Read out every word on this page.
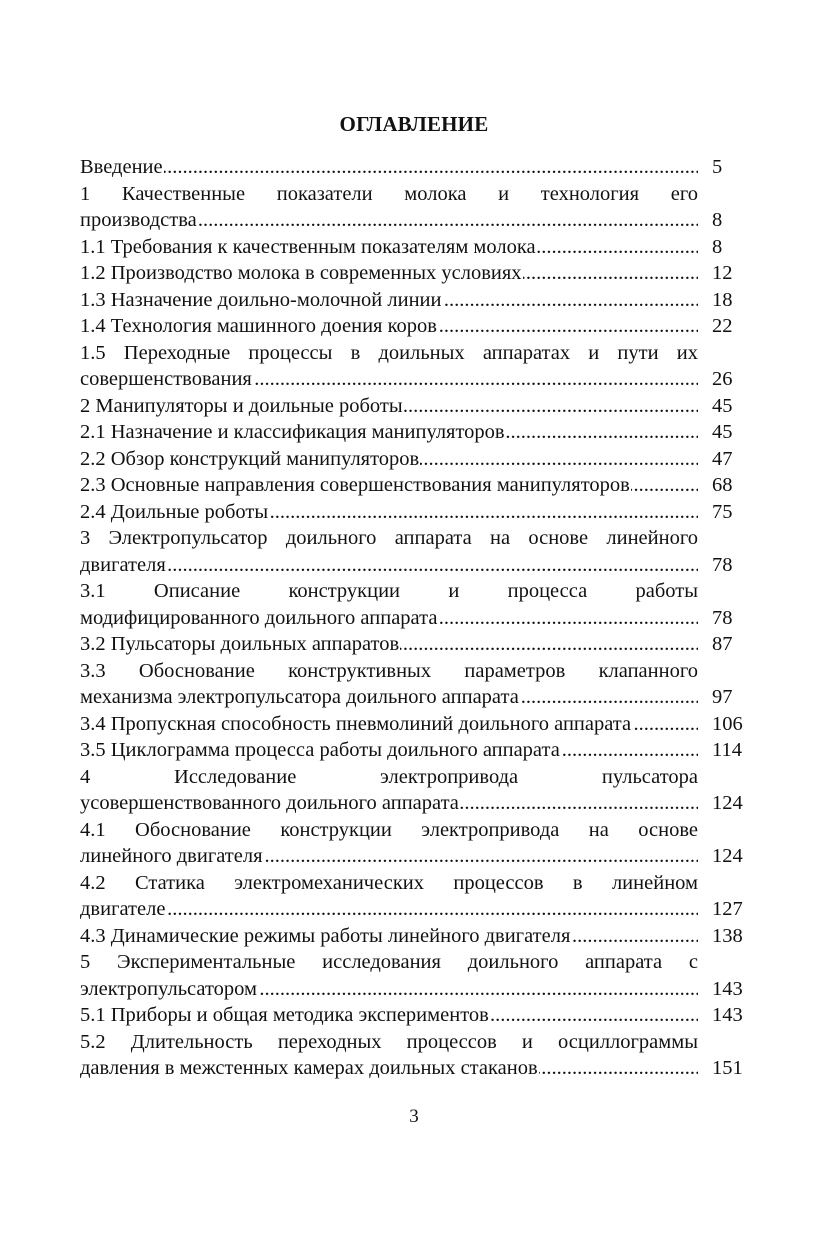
ОГЛАВЛЕНИЕ
Введение .....	5
1 Качественные показатели молока и технология его
производства .....	8
1.1 Требования к качественным показателям молока .....	8
1.2 Производство молока в современных условиях .....	12
1.3 Назначение доильно-молочной линии .....	18
1.4 Технология машинного доения коров .....	22
1.5 Переходные процессы в доильных аппаратах и пути их
совершенствования .....	26
2 Манипуляторы и доильные роботы .....	45
2.1 Назначение и классификация манипуляторов .....	45
2.2 Обзор конструкций манипуляторов .....	47
2.3 Основные направления совершенствования манипуляторов .....	68
2.4 Доильные роботы .....	75
3 Электропульсатор доильного аппарата на основе линейного
двигателя .....	78
3.1 Описание конструкции и процесса работы
модифицированного доильного аппарата .....	78
3.2 Пульсаторы доильных аппаратов .....	87
3.3 Обоснование конструктивных параметров клапанного
механизма электропульсатора доильного аппарата .....	97
3.4 Пропускная способность пневмолиний доильного аппарата .....	106
3.5 Циклограмма процесса работы доильного аппарата .....	114
4 Исследование электропривода пульсатора
усовершенствованного доильного аппарата .....	124
4.1 Обоснование конструкции электропривода на основе
линейного двигателя .....	124
4.2 Статика электромеханических процессов в линейном
двигателе .....	127
4.3 Динамические режимы работы линейного двигателя .....	138
5 Экспериментальные исследования доильного аппарата с
электропульсатором .....	143
5.1 Приборы и общая методика экспериментов .....	143
5.2 Длительность переходных процессов и осциллограммы
давления в межстенных камерах доильных стаканов .....	151
3
